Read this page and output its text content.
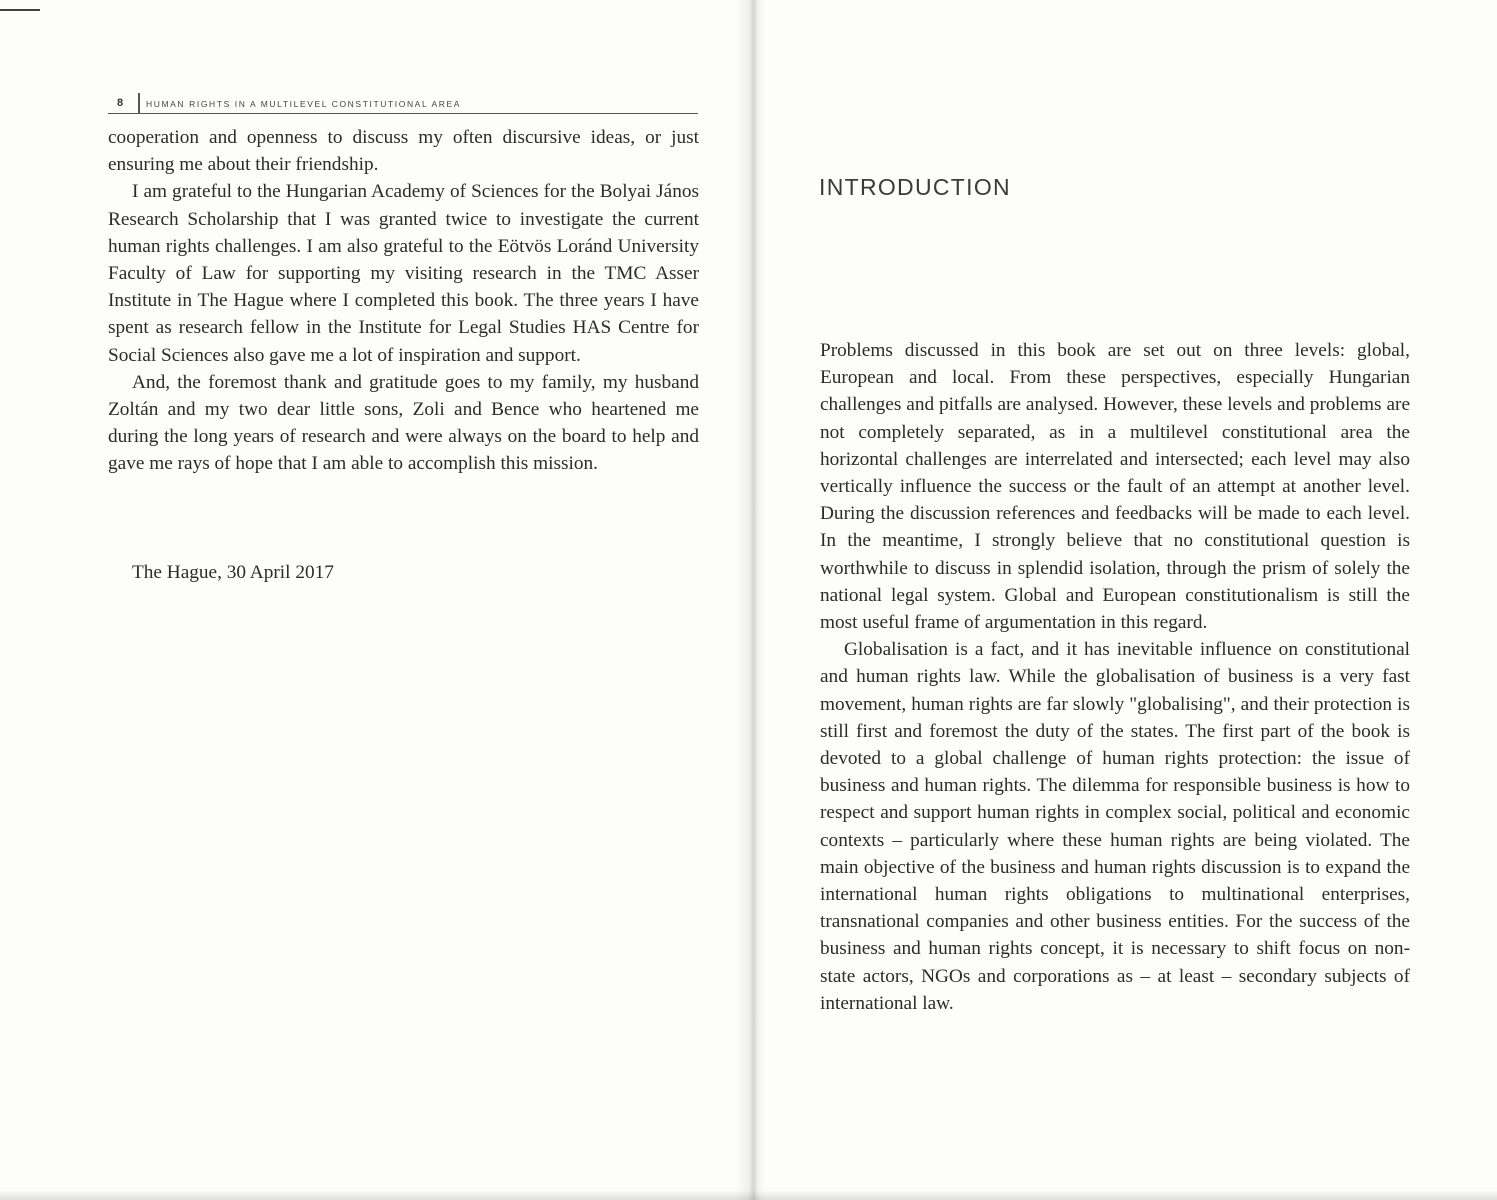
8	HUMAN RIGHTS IN A MULTILEVEL CONSTITUTIONAL AREA

cooperation and openness to discuss my often discursive ideas, or just ensuring me about their friendship.

I am grateful to the Hungarian Academy of Sciences for the Bolyai János Research Scholarship that I was granted twice to investigate the current human rights challenges. I am also grateful to the Eötvös Loránd University Faculty of Law for supporting my visiting research in the TMC Asser Institute in The Hague where I completed this book. The three years I have spent as research fellow in the Institute for Legal Studies HAS Centre for Social Sciences also gave me a lot of inspiration and support.

And, the foremost thank and gratitude goes to my family, my husband Zoltán and my two dear little sons, Zoli and Bence who heartened me during the long years of research and were always on the board to help and gave me rays of hope that I am able to accomplish this mission.

The Hague, 30 April 2017
INTRODUCTION

Problems discussed in this book are set out on three levels: global, European and local. From these perspectives, especially Hungarian challenges and pitfalls are analysed. However, these levels and problems are not completely separated, as in a multilevel constitutional area the horizontal challenges are interrelated and intersected; each level may also vertically influence the success or the fault of an attempt at another level. During the discussion references and feedbacks will be made to each level. In the meantime, I strongly believe that no constitutional question is worthwhile to discuss in splendid isolation, through the prism of solely the national legal system. Global and European constitutionalism is still the most useful frame of argumentation in this regard.

Globalisation is a fact, and it has inevitable influence on constitutional and human rights law. While the globalisation of business is a very fast movement, human rights are far slowly "globalising", and their protection is still first and foremost the duty of the states. The first part of the book is devoted to a global challenge of human rights protection: the issue of business and human rights. The dilemma for responsible business is how to respect and support human rights in complex social, political and economic contexts – particularly where these human rights are being violated. The main objective of the business and human rights discussion is to expand the international human rights obligations to multinational enterprises, transnational companies and other business entities. For the success of the business and human rights concept, it is necessary to shift focus on non-state actors, NGOs and corporations as – at least – secondary subjects of international law.
